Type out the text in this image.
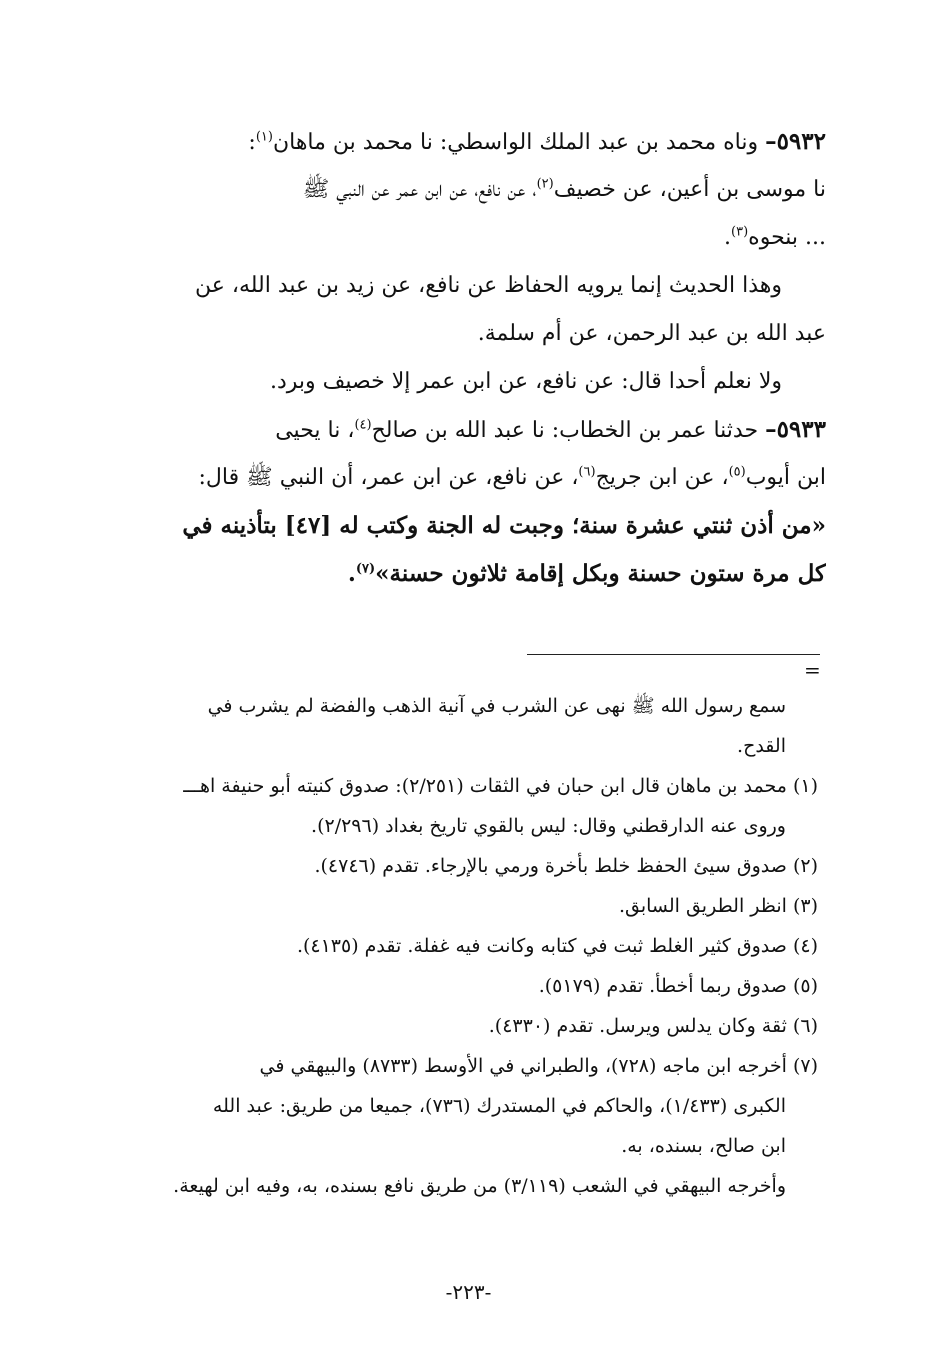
٥٩٣٢– وناه محمد بن عبد الملك الواسطي: نا محمد بن ماهان$^{(١)}$:
نا موسى بن أعين، عن خصيف$^{(٢)}$، عن نافع، عن ابن عمر عن النبي ﷺ
... بنحوه$^{(٣)}$.
وهذا الحديث إنما يرويه الحفاظ عن نافع، عن زيد بن عبد الله، عن
عبد الله بن عبد الرحمن، عن أم سلمة.
ولا نعلم أحدا قال: عن نافع، عن ابن عمر إلا خصيف وبرد.
٥٩٣٣– حدثنا عمر بن الخطاب: نا عبد الله بن صالح$^{(٤)}$، نا يحيى
ابن أيوب$^{(٥)}$، عن ابن جريج$^{(٦)}$، عن نافع، عن ابن عمر، أن النبي ﷺ قال:
«من أذن ثنتي عشرة سنة؛ وجبت له الجنة وكتب له [٤٧] بتأذينه في
كل مرة ستون حسنة وبكل إقامة ثلاثون حسنة»$^{(٧)}$.
=
سمع رسول الله ﷺ نهى عن الشرب في آنية الذهب والفضة لم يشرب في
القدح.
(١) محمد بن ماهان قال ابن حبان في الثقات (٢/٢٥١): صدوق كنيته أبو حنيفة اهـــ
وروى عنه الدارقطني وقال: ليس بالقوي تاريخ بغداد (٢/٢٩٦).
(٢) صدوق سيئ الحفظ خلط بأخرة ورمي بالإرجاء. تقدم (٤٧٤٦).
(٣) انظر الطريق السابق.
(٤) صدوق كثير الغلط ثبت في كتابه وكانت فيه غفلة. تقدم (٤١٣٥).
(٥) صدوق ربما أخطأ. تقدم (٥١٧٩).
(٦) ثقة وكان يدلس ويرسل. تقدم (٤٣٣٠).
(٧) أخرجه ابن ماجه (٧٢٨)، والطبراني في الأوسط (٨٧٣٣) والبيهقي في
الكبرى (١/٤٣٣)، والحاكم في المستدرك (٧٣٦)، جميعا من طريق: عبد الله
ابن صالح، بسنده، به.
وأخرجه البيهقي في الشعب (٣/١١٩) من طريق نافع بسنده، به، وفيه ابن لهيعة.
-٢٢٣-
